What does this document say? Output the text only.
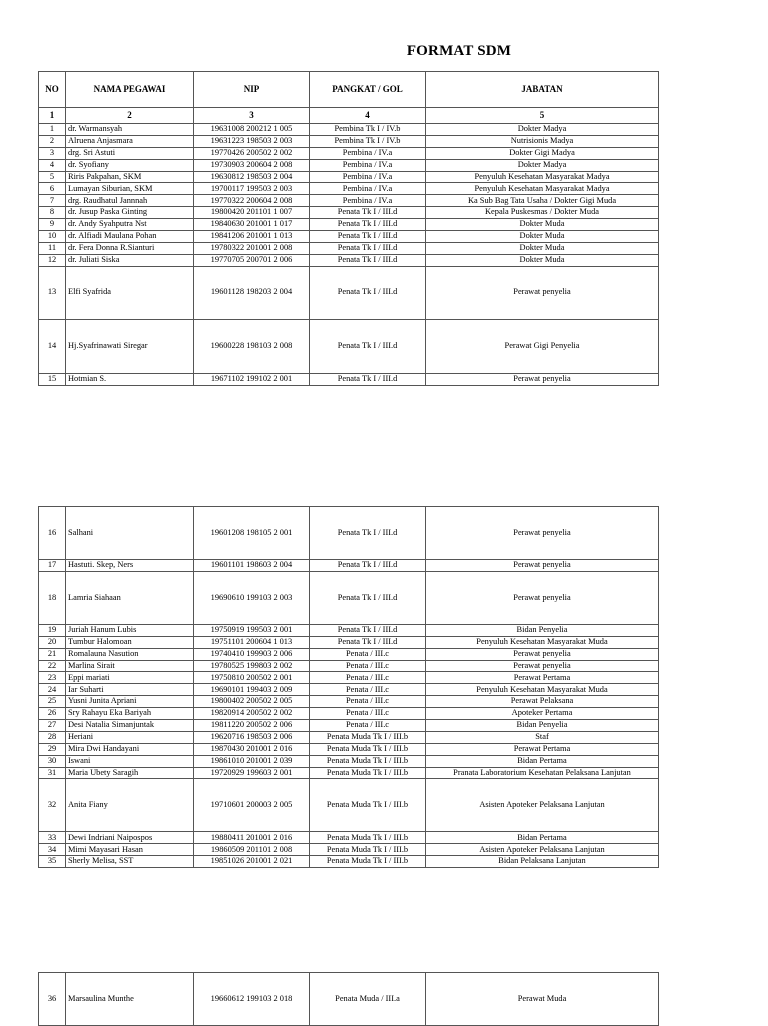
FORMAT SDM
NO	NAMA PEGAWAI	NIP	PANGKAT / GOL	JABATAN
1	2	3	4	5
1	dr. Warmansyah	19631008 200212 1 005	Pembina Tk I / IV.b	Dokter Madya
2	Alruena Anjasmara	19631223 198503 2 003	Pembina Tk I / IV.b	Nutrisionis Madya
3	drg. Sri Astuti	19770426 200502 2 002	Pembina / IV.a	Dokter Gigi Madya
4	dr. Syofiany	19730903 200604 2 008	Pembina / IV.a	Dokter Madya
5	Riris Pakpahan, SKM	19630812 198503 2 004	Pembina / IV.a	Penyuluh Kesehatan Masyarakat Madya
6	Lumayan Siburian, SKM	19700117 199503 2 003	Pembina / IV.a	Penyuluh Kesehatan Masyarakat Madya
7	drg. Raudhatul Jannnah	19770322 200604 2 008	Pembina / IV.a	Ka Sub Bag Tata Usaha / Dokter Gigi Muda
8	dr. Jusup Paska Ginting	19800420 201101 1 007	Penata Tk I / III.d	Kepala Puskesmas / Dokter Muda
9	dr. Andy Syahputra Nst	19840630 201001 1 017	Penata Tk I / III.d	Dokter Muda
10	dr. Alfiadi Maulana Pohan	19841206 201001 1 013	Penata Tk I / III.d	Dokter Muda
11	dr. Fera Donna R.Sianturi	19780322 201001 2 008	Penata Tk I / III.d	Dokter Muda
12	dr. Juliati Siska	19770705 200701 2 006	Penata Tk I / III.d	Dokter Muda
13	Elfi Syafrida	19601128 198203 2 004	Penata Tk I / III.d	Perawat penyelia
14	Hj.Syafrinawati Siregar	19600228 198103 2 008	Penata Tk I / III.d	Perawat Gigi Penyelia
15	Hotmian S.	19671102 199102 2 001	Penata Tk I / III.d	Perawat penyelia
16	Salhani	19601208 198105 2 001	Penata Tk I / III.d	Perawat penyelia
17	Hastuti. Skep, Ners	19601101 198603 2 004	Penata Tk I / III.d	Perawat penyelia
18	Lamria Siahaan	19690610 199103 2 003	Penata Tk I / III.d	Perawat penyelia
19	Juriah Hanum Lubis	19750919 199503 2 001	Penata Tk I / III.d	Bidan Penyelia
20	Tumbur Halomoan	19751101 200604 1 013	Penata Tk I / III.d	Penyuluh Kesehatan Masyarakat Muda
21	Romalauna Nasution	19740410 199903 2 006	Penata / III.c	Perawat penyelia
22	Marlina Sirait	19780525 199803 2 002	Penata / III.c	Perawat penyelia
23	Eppi mariati	19750810 200502 2 001	Penata / III.c	Perawat Pertama
24	Iar Suharti	19690101 199403 2 009	Penata / III.c	Penyuluh Kesehatan Masyarakat Muda
25	Yusni Junita Apriani	19800402 200502 2 005	Penata / III.c	Perawat Pelaksana
26	Sry Rahayu Eka Bariyah	19820914 200502 2 002	Penata / III.c	Apoteker Pertama
27	Desi Natalia Simanjuntak	19811220 200502 2 006	Penata / III.c	Bidan Penyelia
28	Heriani	19620716 198503 2 006	Penata Muda Tk I / III.b	Staf
29	Mira Dwi Handayani	19870430 201001 2 016	Penata Muda Tk I / III.b	Perawat Pertama
30	Iswani	19861010 201001 2 039	Penata Muda Tk I / III.b	Bidan Pertama
31	Maria Ubety Saragih	19720929 199603 2 001	Penata Muda Tk I / III.b	Pranata Laboratorium Kesehatan Pelaksana Lanjutan
32	Anita Fiany	19710601 200003 2 005	Penata Muda Tk I / III.b	Asisten Apoteker Pelaksana Lanjutan
33	Dewi Indriani Naipospos	19880411 201001 2 016	Penata Muda Tk I / III.b	Bidan Pertama
34	Mimi Mayasari Hasan	19860509 201101 2 008	Penata Muda Tk I / III.b	Asisten Apoteker Pelaksana Lanjutan
35	Sherly Melisa, SST	19851026 201001 2 021	Penata Muda Tk I / III.b	Bidan Pelaksana Lanjutan
36	Marsaulina Munthe	19660612 199103 2 018	Penata Muda / III.a	Perawat Muda
